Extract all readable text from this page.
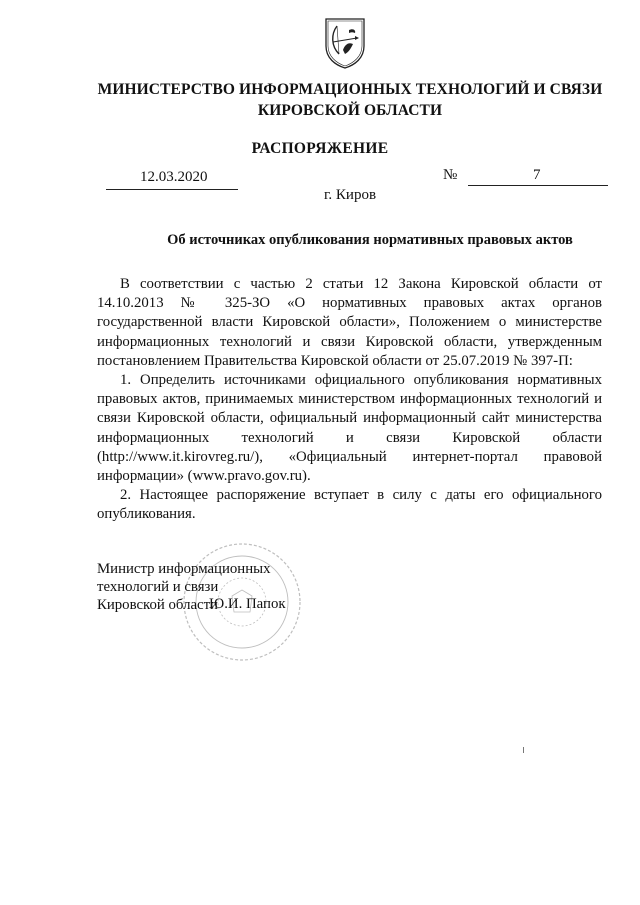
МИНИСТЕРСТВО ИНФОРМАЦИОННЫХ ТЕХНОЛОГИЙ И СВЯЗИ
КИРОВСКОЙ ОБЛАСТИ
РАСПОРЯЖЕНИЕ
12.03.2020	№	7
г. Киров
Об источниках опубликования нормативных правовых актов

В соответствии с частью 2 статьи 12 Закона Кировской области от 14.10.2013 № 325-ЗО «О нормативных правовых актах органов государственной власти Кировской области», Положением о министерстве информационных технологий и связи Кировской области, утвержденным постановлением Правительства Кировской области от 25.07.2019 № 397-П:

1. Определить источниками официального опубликования нормативных правовых актов, принимаемых министерством информационных технологий и связи Кировской области, официальный информационный сайт министерства информационных технологий и связи Кировской области (http://www.it.kirovreg.ru/), «Официальный интернет-портал правовой информации» (www.pravo.gov.ru).

2. Настоящее распоряжение вступает в силу с даты его официального опубликования.

Министр информационных
технологий и связи
Кировской области
Ю.И. Папок
